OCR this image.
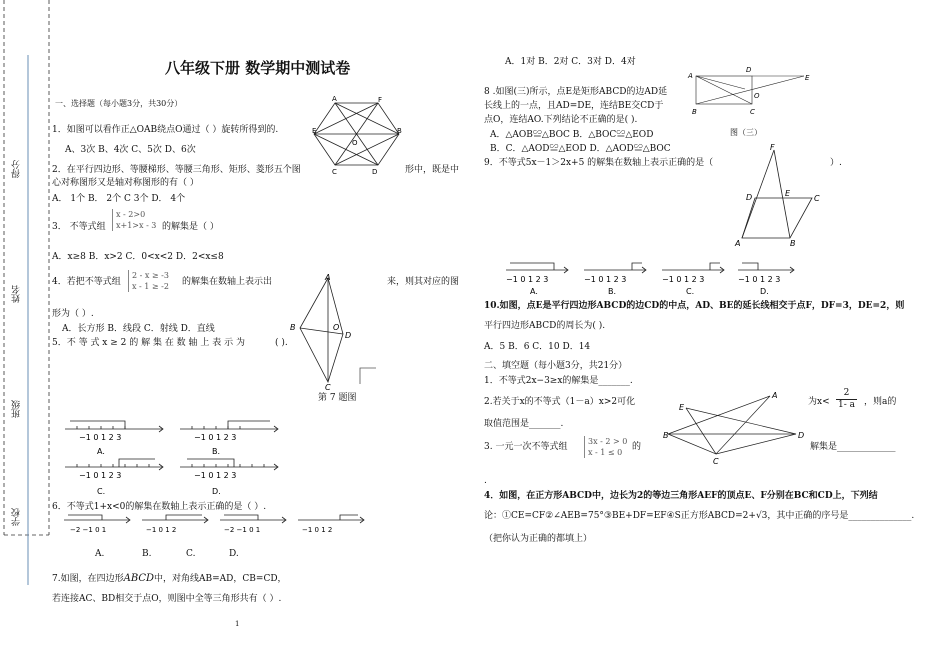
得分
姓名
班级
学校
八年级下册 数学期中测试卷
一、选择题（每小题3分，共30分）
1．如图可以看作正△OAB绕点O通过（ ）旋转所得到的.
A、3次 B、4次 C、5次 D、6次
A	F
E
O
B
C	D
2．在平行四边形、等腰梯形、等腰三角形、矩形、菱形五个图	形中，既是中
心对称图形又是轴对称图形的有（ ）
A． 1个 B． 2个 C 3个 D． 4个
3． 不等式组
x - 2>0
x+1>x - 3 的解集是（ ）
A．x≥8 B．x>2 C．0<x<2 D．2<x≤8
4．若把不等式组
2 - x ≥ -3
x - 1 ≥ -2 的解集在数轴上表示出	来，则其对应的图
形为（ ）.
A．长方形 B．线段 C．射线 D．直线
5．不 等 式 x ≥ 2 的 解 集 在 数 轴 上 表 示 为	( ).
A
B	O
D
C
第 7 题图
−1 0 1 2 3	−1 0 1 2 3
−1 0 1 2 3	−1 0 1 2 3
A.	B.
C.	D.
6．不等式1+x<0的解集在数轴上表示正确的是（ ）.
−2 −1 0 1	−1 0 1 2	−2 −1 0 1	−1 0 1 2
A.	B.	C.	D.
7.如图，在四边形ABCD中，对角线AB=AD，CB=CD，
若连接AC、BD相交于点O，则图中全等三角形共有（ ）.
1
A．1对 B．2对 C．3对 D．4对
A
D
E
O
B	C
8 .如图(三)所示，点E是矩形ABCD的边AD延
长线上的一点，且AD=DE，连结BE交CD于
点O，连结AO.下列结论不正确的是( ).
A．△AOB≌△BOC B．△BOC≌△EOD	图（三）
B．C．△AOD≌△EOD D．△AOD≌△BOC
9．不等式5x－1＞2x+5 的解集在数轴上表示正确的是（	）.
F
E
D	C
A	B
−1 0 1 2 3	−1 0 1 2 3	−1 0 1 2 3	−1 0 1 2 3
A.	B.	C.	D.
10.如图，点E是平行四边形ABCD的边CD的中点，AD、BE的延长线相交于点F，DF=3，DE=2，则
平行四边形ABCD的周长为( ).
A．5 B．6 C．10 D．14
二、填空题（每小题3分，共21分）
1．不等式2x−3≥x的解集是_______.
2.若关于x的不等式（1－a）x>2可化	为x<
2
1- a ，则a的
取值范围是_______.
A
E
B	D
C
3. 一元一次不等式组
3x - 2 > 0
x - 1 ≤ 0
的	解集是_____________
.
4．如图，在正方形ABCD中，边长为2的等边三角形AEF的顶点E、F分别在BC和CD上，下列结
论：①CE=CF②∠AEB=75°③BE+DF=EF④S正方形ABCD=2+√3，其中正确的序号是______________.
（把你认为正确的都填上）
